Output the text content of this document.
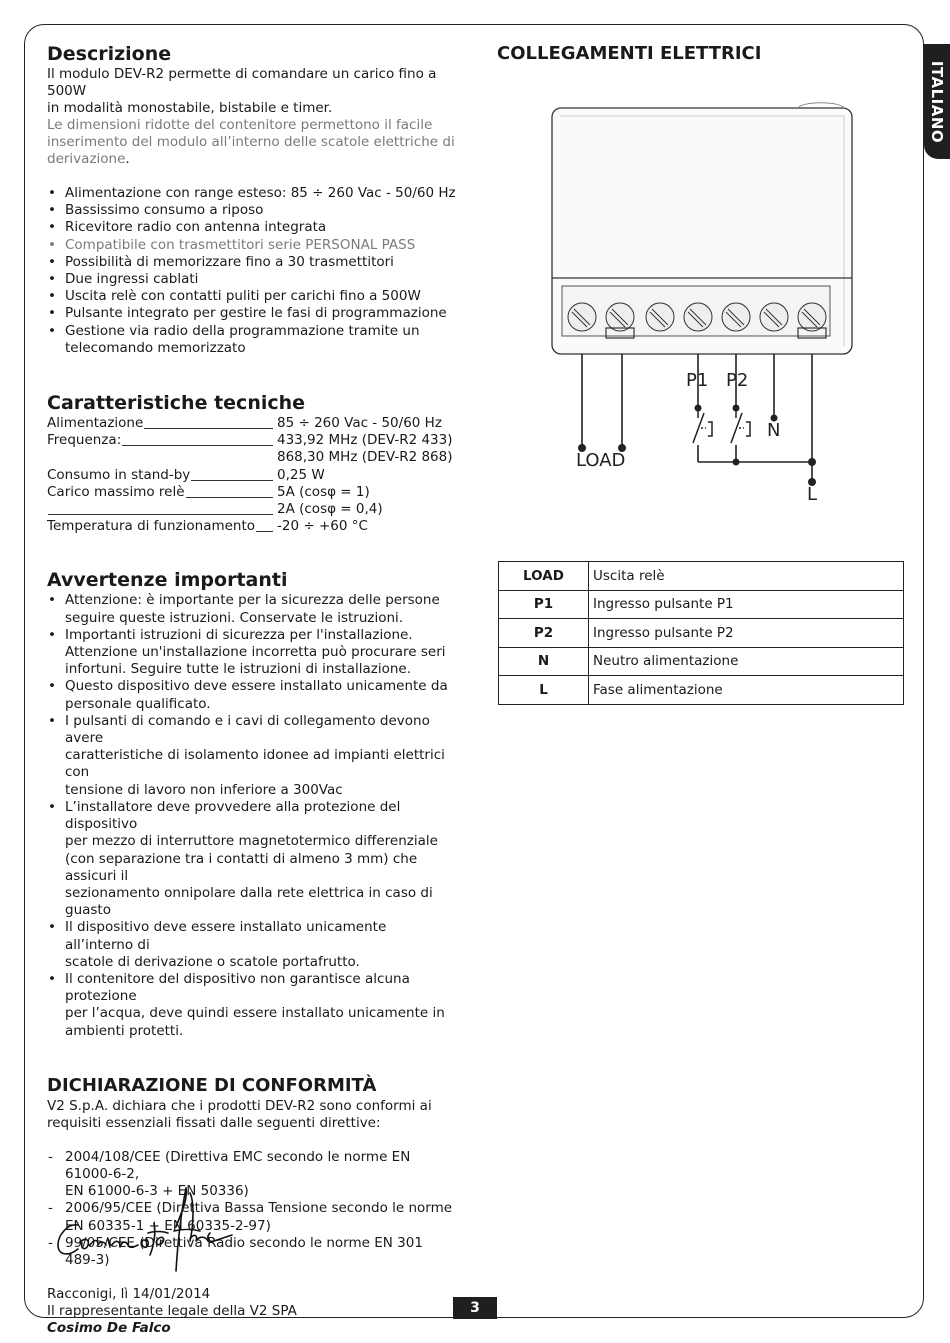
ITALIANO
Descrizione

Il modulo DEV-R2 permette di comandare un carico fino a 500W
in modalità monostabile, bistabile e timer.

Le dimensioni ridotte del contenitore permettono il facile
inserimento del modulo all’interno delle scatole elettriche di
derivazione.

• Alimentazione con range esteso: 85 ÷ 260 Vac - 50/60 Hz
• Bassissimo consumo a riposo
• Ricevitore radio con antenna integrata
• Compatibile con trasmettitori serie PERSONAL PASS
• Possibilità di memorizzare fino a 30 trasmettitori
• Due ingressi cablati
• Uscita relè con contatti puliti per carichi fino a 500W
• Pulsante integrato per gestire le fasi di programmazione
• Gestione via radio della programmazione tramite un
telecomando memorizzato
Caratteristiche tecniche
Alimentazione	85 ÷ 260 Vac - 50/60 Hz
Frequenza:	433,92 MHz (DEV-R2 433)
868,30 MHz (DEV-R2 868)
Consumo in stand-by	0,25 W
Carico massimo relè	5A (cosφ = 1)
2A (cosφ = 0,4)
Temperatura di funzionamento -20 ÷ +60 °C
Avvertenze importanti
• Attenzione: è importante per la sicurezza delle persone
seguire queste istruzioni. Conservate le istruzioni.
• Importanti istruzioni di sicurezza per l'installazione.
Attenzione un'installazione incorretta può procurare seri
infortuni. Seguire tutte le istruzioni di installazione.
• Questo dispositivo deve essere installato unicamente da
personale qualificato.
• I pulsanti di comando e i cavi di collegamento devono avere
caratteristiche di isolamento idonee ad impianti elettrici con
tensione di lavoro non inferiore a 300Vac
• L’installatore deve provvedere alla protezione del dispositivo
per mezzo di interruttore magnetotermico differenziale
(con separazione tra i contatti di almeno 3 mm) che assicuri il
sezionamento onnipolare dalla rete elettrica in caso di guasto
• Il dispositivo deve essere installato unicamente all’interno di
scatole di derivazione o scatole portafrutto.
• Il contenitore del dispositivo non garantisce alcuna protezione
per l’acqua, deve quindi essere installato unicamente in
ambienti protetti.
DICHIARAZIONE DI CONFORMITÀ

V2 S.p.A. dichiara che i prodotti DEV-R2 sono conformi ai
requisiti essenziali fissati dalle seguenti direttive:

- 2004/108/CEE (Direttiva EMC secondo le norme EN 61000-6-2,
EN 61000-6-3 + EN 50336)
- 2006/95/CEE (Direttiva Bassa Tensione secondo le norme
EN 60335-1 + EN 60335-2-97)
- 99/05/CEE (Direttiva Radio secondo le norme EN 301 489-3)

Racconigi, lì 14/01/2014

Il rappresentante legale della V2 SPA

Cosimo De Falco

COLLEGAMENTI ELETTRICI
P1 P2
N
LOAD
L
LOAD	Uscita relè
P1	Ingresso pulsante P1
P2	Ingresso pulsante P2
N	Neutro alimentazione
L	Fase alimentazione
3
